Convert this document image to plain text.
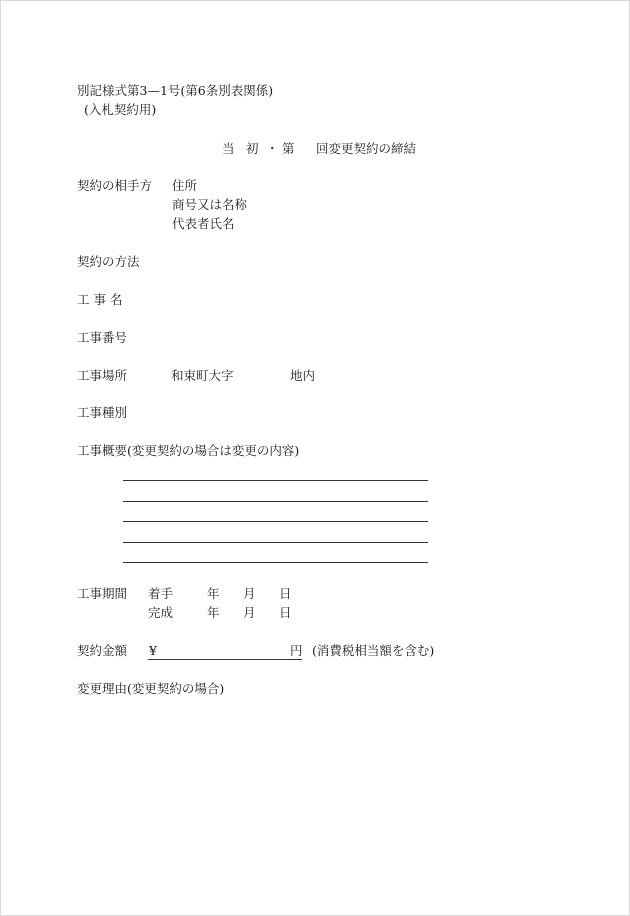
別記様式第3—1号(第6条別表関係)
(入札契約用)
当 初 ・ 第 回変更契約の締結
契約の相手方 住所
商号又は名称
代表者氏名
契約の方法
工 事 名
工事番号
工事場所	和束町大字	地内
工事種別
工事概要(変更契約の場合は変更の内容)
工事期間 着手	年 月 日
完成	年 月 日
契約金額 ¥	円 (消費税相当額を含む)
変更理由(変更契約の場合)
